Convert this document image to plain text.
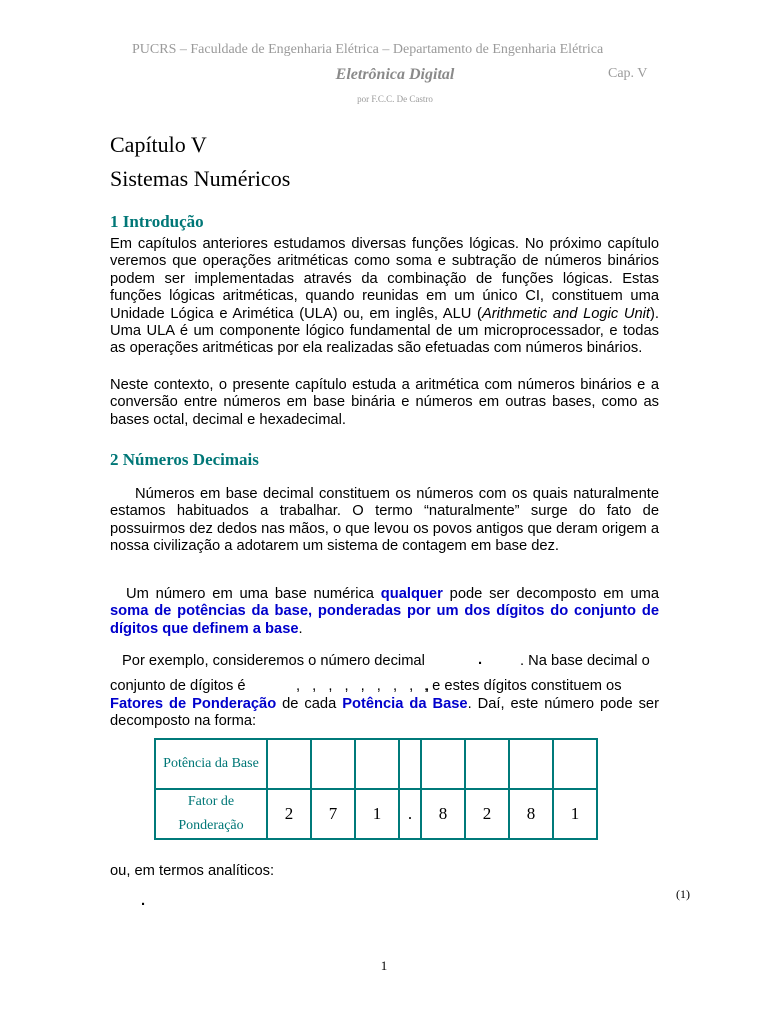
PUCRS – Faculdade de Engenharia Elétrica – Departamento de Engenharia Elétrica
Eletrônica Digital	Cap. V
por F.C.C. De Castro
Capítulo V
Sistemas Numéricos
1 Introdução
Em capítulos anteriores estudamos diversas funções lógicas. No próximo capítulo veremos que operações aritméticas como soma e subtração de números binários podem ser implementadas através da combinação de funções lógicas. Estas funções lógicas aritméticas, quando reunidas em um único CI, constituem uma Unidade Lógica e Arimética (ULA) ou, em inglês, ALU (Arithmetic and Logic Unit). Uma ULA é um componente lógico fundamental de um microprocessador, e todas as operações aritméticas por ela realizadas são efetuadas com números binários.
Neste contexto, o presente capítulo estuda a aritmética com números binários e a conversão entre números em base binária e números em outras bases, como as bases octal, decimal e hexadecimal.
2 Números Decimais
Números em base decimal constituem os números com os quais naturalmente estamos habituados a trabalhar. O termo “naturalmente” surge do fato de possuirmos dez dedos nas mãos, o que levou os povos antigos que deram origem a nossa civilização a adotarem um sistema de contagem em base dez.
Um número em uma base numérica qualquer pode ser decomposto em uma soma de potências da base, ponderadas por um dos dígitos do conjunto de dígitos que definem a base.
Por exemplo, consideremos o número decimal	.	. Na base decimal o
conjunto de dígitos é	, , , , , , , , ,
, e estes dígitos constituem os
Fatores de Ponderação de cada Potência da Base. Daí, este número pode ser decomposto na forma:
Potência da Base								
Fator de Ponderação	2	7	1	.	8	2	8	1
ou, em termos analíticos:
.	(1)
1
